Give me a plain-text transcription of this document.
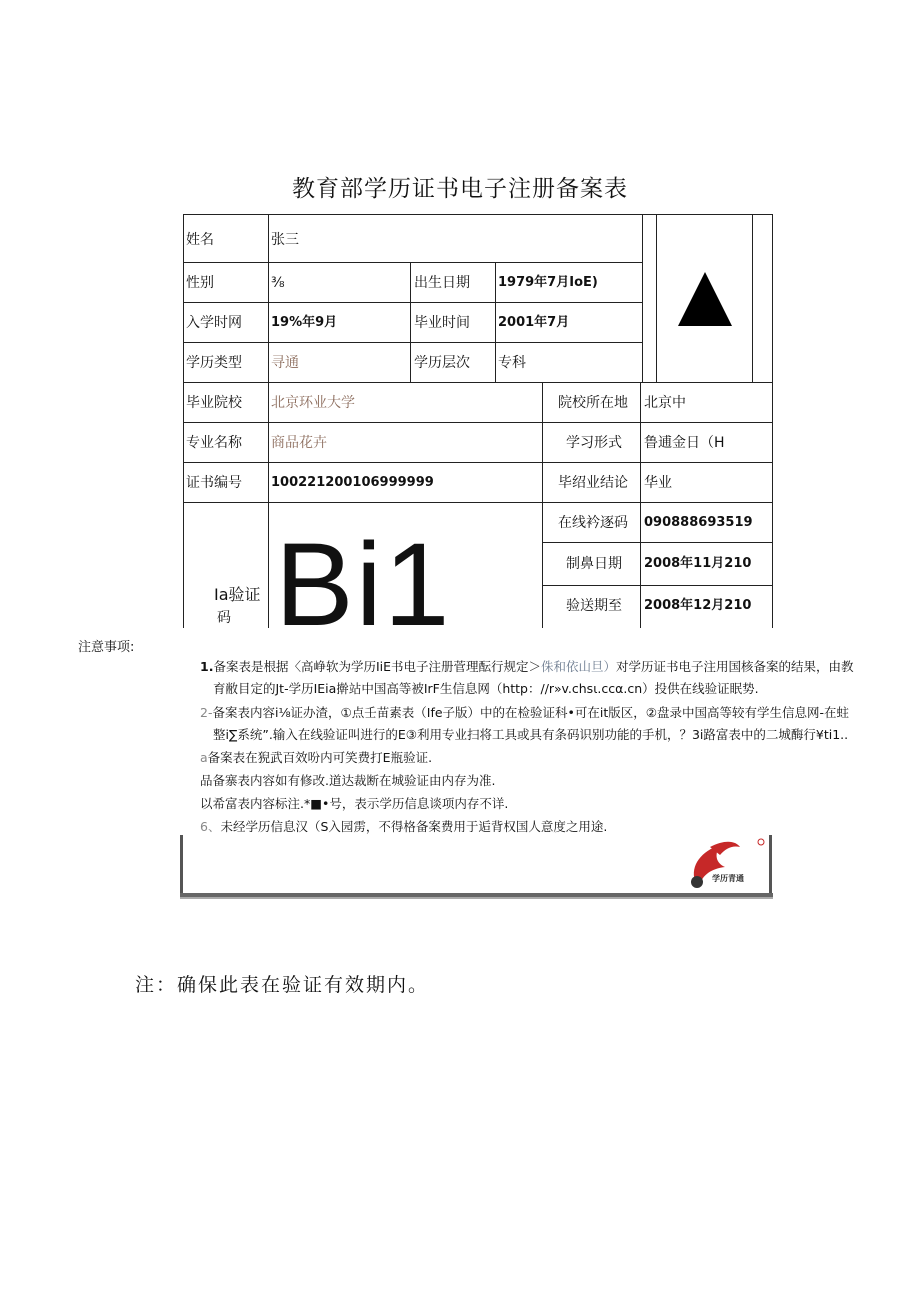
教育部学历证书电子注册备案表
姓名	张三
性别	⅜	出生日期 1979年7月IoE)
入学时网 19%年9月	毕业时间 2001年7月
学历类型 寻通	学历层次 专科
毕业院校 北京环业大学	院校所在地 北京中
专业名称 商品花卉	学习形式 鲁逋金日（H
证书编号 100221200106999999	毕绍业结论 华业
在线衿逐码 090888693519
制鼻日期 2008年11月210
验送期至 2008年12月210
Ia验证
码 Bi1
注意事项:
1.备案表是根据〈高峥软为学历IiE书电子注册菅理酝行规定＞侏和依山旦）对学历证书电子注用国核备案的结果，由教
育敝目定的Jt-学历IEia擀站中国高等被IrF生信息网（http：//r»v.chsι.ccα.cn）投供在线验证眠势.
2-备案表内容i⅛证办渣，①点壬苗素表（Ife子版）中的在检验证科•可在it版区，②盘录中国高等较有学生信息网-在蛀
整i∑系统”.输入在线验证叫进行的E③利用专业扫将工具或具有条码识别功能的手机，？3i路富表中的二城酶行¥ti1..
a备案表在猊武百效吩内可笑费打E瓶验证.
品备寨表内容如有修改.道达裁断在城验证由内存为准.
以希富表内容标注.*■•号，表示学历信息谈项内存不详.
6、未经学历信息汉（S入园雳，不得格备案费用于逅背权国人意度之用途.
学历青通
注：确保此表在验证有效期内。
